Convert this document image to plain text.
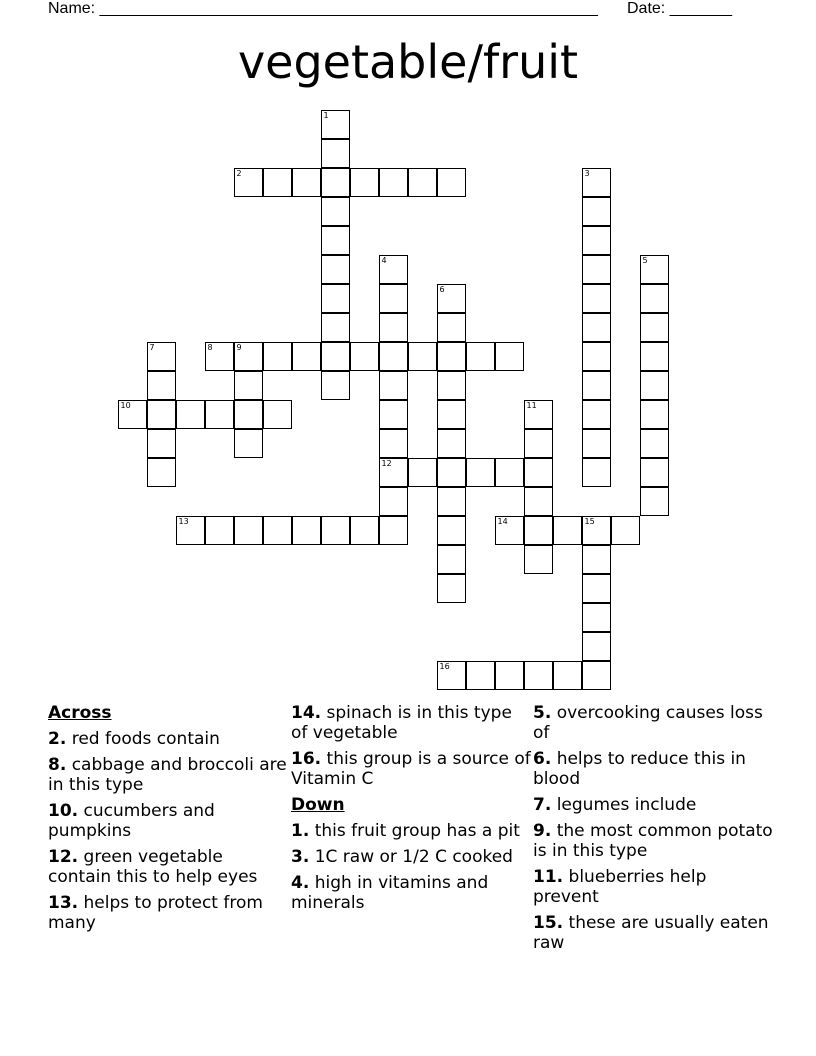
Name: ________________________________________________________ Date: _______
vegetable/fruit
1
2	3
4
12
5
6
7	8	9
10	11
13	14	15
16
Across
2. red foods contain
8. cabbage and broccoli are in this type
10. cucumbers and pumpkins
12. green vegetable contain this to help eyes
13. helps to protect from many
14. spinach is in this type of vegetable
16. this group is a source of Vitamin C
Down
1. this fruit group has a pit
3. 1C raw or 1/2 C cooked
4. high in vitamins and minerals
5. overcooking causes loss of
6. helps to reduce this in blood
7. legumes include
9. the most common potato is in this type
11. blueberries help prevent
15. these are usually eaten raw
